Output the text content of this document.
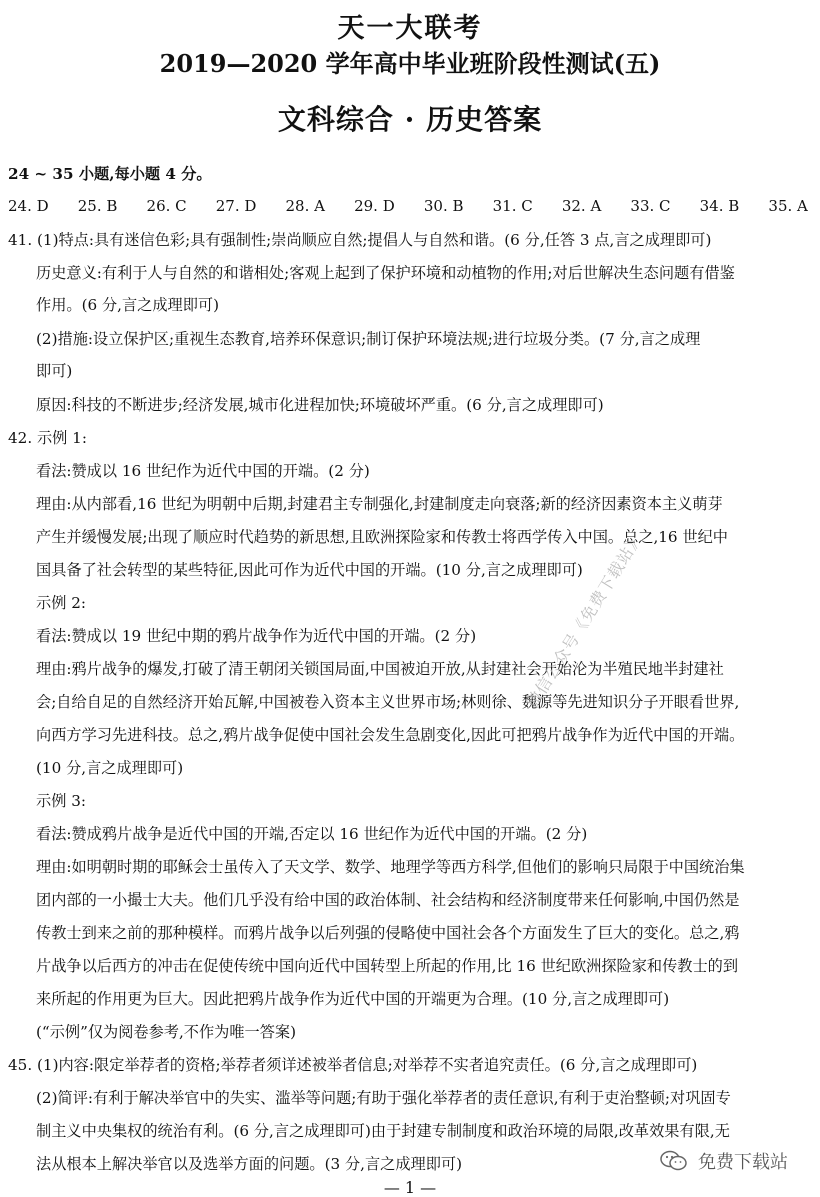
天一大联考
2019—2020 学年高中毕业班阶段性测试(五)
文科综合 · 历史答案
24 ~ 35 小题,每小题 4 分。
24. D 25. B 26. C 27. D 28. A 29. D 30. B 31. C 32. A 33. C 34. B 35. A
41. (1)特点:具有迷信色彩;具有强制性;崇尚顺应自然;提倡人与自然和谐。(6 分,任答 3 点,言之成理即可)
历史意义:有利于人与自然的和谐相处;客观上起到了保护环境和动植物的作用;对后世解决生态问题有借鉴
作用。(6 分,言之成理即可)
(2)措施:设立保护区;重视生态教育,培养环保意识;制订保护环境法规;进行垃圾分类。(7 分,言之成理
即可)
原因:科技的不断进步;经济发展,城市化进程加快;环境破坏严重。(6 分,言之成理即可)
42. 示例 1:
看法:赞成以 16 世纪作为近代中国的开端。(2 分)
理由:从内部看,16 世纪为明朝中后期,封建君主专制强化,封建制度走向衰落;新的经济因素资本主义萌芽
产生并缓慢发展;出现了顺应时代趋势的新思想,且欧洲探险家和传教士将西学传入中国。总之,16 世纪中
国具备了社会转型的某些特征,因此可作为近代中国的开端。(10 分,言之成理即可)
示例 2:
看法:赞成以 19 世纪中期的鸦片战争作为近代中国的开端。(2 分)
理由:鸦片战争的爆发,打破了清王朝闭关锁国局面,中国被迫开放,从封建社会开始沦为半殖民地半封建社
会;自给自足的自然经济开始瓦解,中国被卷入资本主义世界市场;林则徐、魏源等先进知识分子开眼看世界,
向西方学习先进科技。总之,鸦片战争促使中国社会发生急剧变化,因此可把鸦片战争作为近代中国的开端。
(10 分,言之成理即可)
示例 3:
看法:赞成鸦片战争是近代中国的开端,否定以 16 世纪作为近代中国的开端。(2 分)
理由:如明朝时期的耶稣会士虽传入了天文学、数学、地理学等西方科学,但他们的影响只局限于中国统治集
团内部的一小撮士大夫。他们几乎没有给中国的政治体制、社会结构和经济制度带来任何影响,中国仍然是
传教士到来之前的那种模样。而鸦片战争以后列强的侵略使中国社会各个方面发生了巨大的变化。总之,鸦
片战争以后西方的冲击在促使传统中国向近代中国转型上所起的作用,比 16 世纪欧洲探险家和传教士的到
来所起的作用更为巨大。因此把鸦片战争作为近代中国的开端更为合理。(10 分,言之成理即可)
(“示例”仅为阅卷参考,不作为唯一答案)
45. (1)内容:限定举荐者的资格;举荐者须详述被举者信息;对举荐不实者追究责任。(6 分,言之成理即可)
(2)简评:有利于解决举官中的失实、滥举等问题;有助于强化举荐者的责任意识,有利于吏治整顿;对巩固专
制主义中央集权的统治有利。(6 分,言之成理即可)由于封建专制制度和政治环境的局限,改革效果有限,无
法从根本上解决举官以及选举方面的问题。(3 分,言之成理即可)
微信公众号《免费下载站》
免费下载站
— 1 —
